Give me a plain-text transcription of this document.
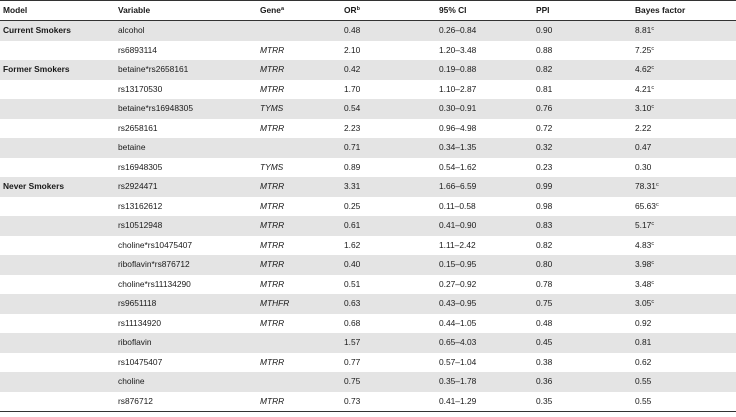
Model	Variable	Gene$^a$	$OR^b$	95% CI	PPI	Bayes factor
Current Smokers	alcohol		0.48	0.26–0.84	0.90	8.81$^c$
	rs6893114	MTRR	2.10	1.20–3.48	0.88	7.25$^c$
Former Smokers	betaine*rs2658161	MTRR	0.42	0.19–0.88	0.82	4.62$^c$
	rs13170530	MTRR	1.70	1.10–2.87	0.81	4.21$^c$
	betaine*rs16948305	TYMS	0.54	0.30–0.91	0.76	3.10$^c$
	rs2658161	MTRR	2.23	0.96–4.98	0.72	2.22
	betaine		0.71	0.34–1.35	0.32	0.47
	rs16948305	TYMS	0.89	0.54–1.62	0.23	0.30
Never Smokers	rs2924471	MTRR	3.31	1.66–6.59	0.99	78.31$^c$
	rs13162612	MTRR	0.25	0.11–0.58	0.98	65.63$^c$
	rs10512948	MTRR	0.61	0.41–0.90	0.83	5.17$^c$
	choline*rs10475407	MTRR	1.62	1.11–2.42	0.82	4.83$^c$
	riboflavin*rs876712	MTRR	0.40	0.15–0.95	0.80	3.98$^c$
	choline*rs11134290	MTRR	0.51	0.27–0.92	0.78	3.48$^c$
	rs9651118	MTHFR	0.63	0.43–0.95	0.75	3.05$^c$
	rs11134920	MTRR	0.68	0.44–1.05	0.48	0.92
	riboflavin		1.57	0.65–4.03	0.45	0.81
	rs10475407	MTRR	0.77	0.57–1.04	0.38	0.62
	choline		0.75	0.35–1.78	0.36	0.55
	rs876712	MTRR	0.73	0.41–1.29	0.35	0.55
